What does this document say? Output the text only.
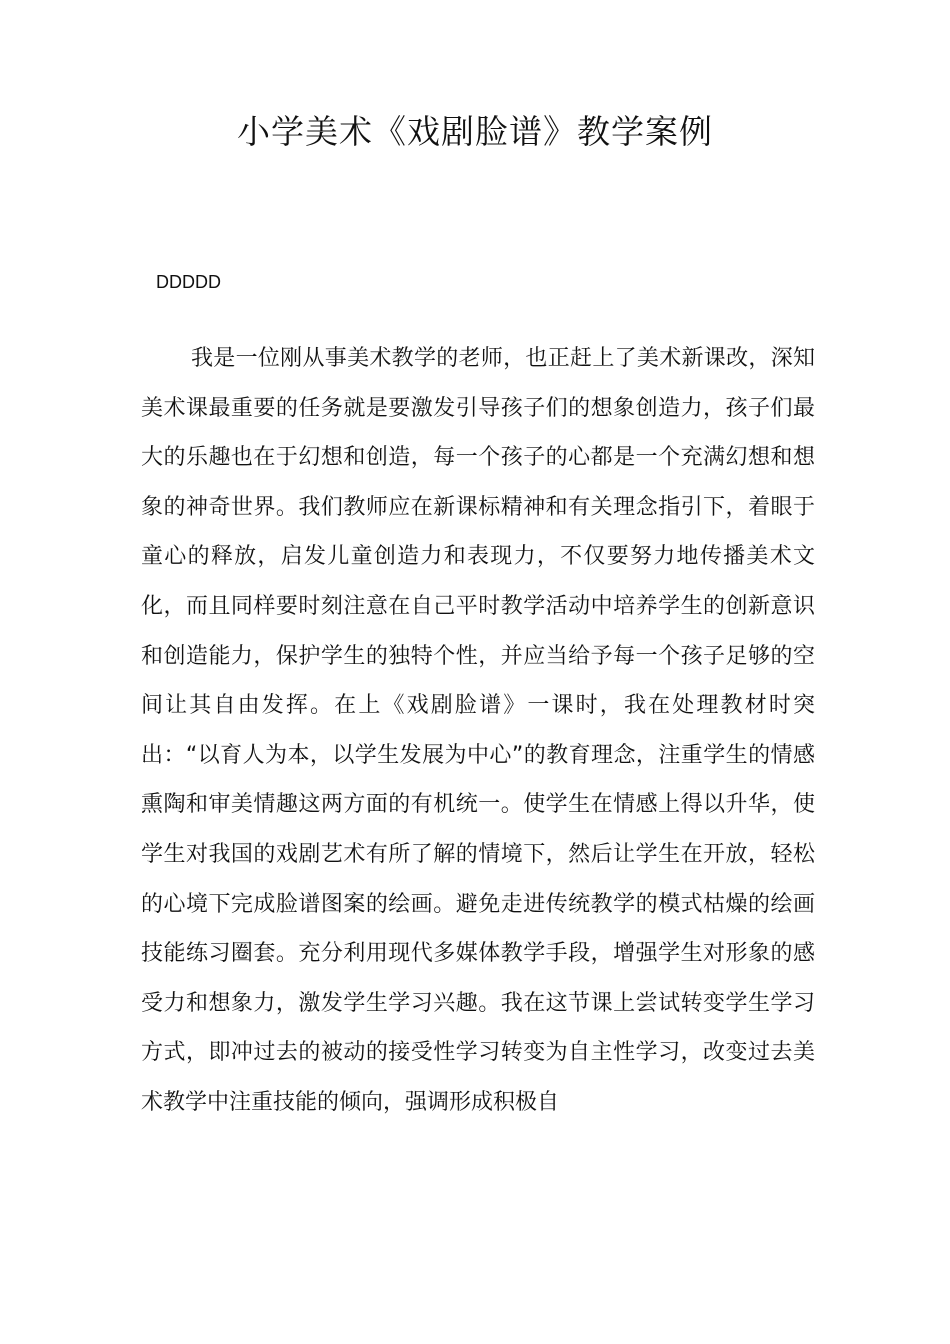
小学美术《戏剧脸谱》教学案例
DDDDD

我是一位刚从事美术教学的老师，也正赶上了美术新课改，深知美术课最重要的任务就是要激发引导孩子们的想象创造力，孩子们最大的乐趣也在于幻想和创造，每一个孩子的心都是一个充满幻想和想象的神奇世界。我们教师应在新课标精神和有关理念指引下，着眼于童心的释放，启发儿童创造力和表现力，不仅要努力地传播美术文化，而且同样要时刻注意在自己平时教学活动中培养学生的创新意识和创造能力，保护学生的独特个性，并应当给予每一个孩子足够的空间让其自由发挥。在上《戏剧脸谱》一课时，我在处理教材时突出：“以育人为本，以学生发展为中心”的教育理念，注重学生的情感熏陶和审美情趣这两方面的有机统一。使学生在情感上得以升华，使学生对我国的戏剧艺术有所了解的情境下，然后让学生在开放，轻松的心境下完成脸谱图案的绘画。避免走进传统教学的模式枯燥的绘画技能练习圈套。充分利用现代多媒体教学手段，增强学生对形象的感受力和想象力，激发学生学习兴趣。我在这节课上尝试转变学生学习方式，即冲过去的被动的接受性学习转变为自主性学习，改变过去美术教学中注重技能的倾向，强调形成积极自
